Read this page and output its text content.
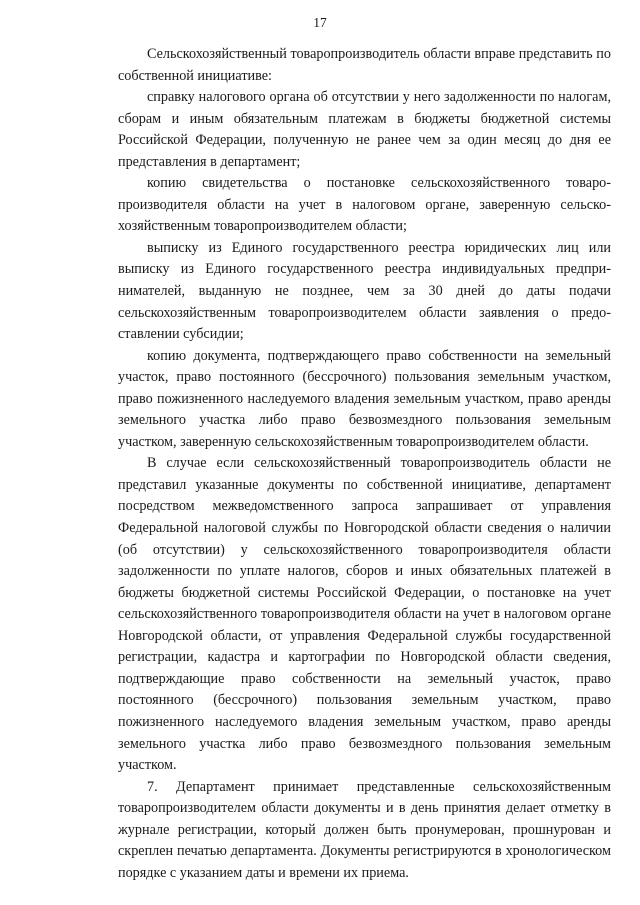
17

Сельскохозяйственный товаропроизводитель области вправе представить по собственной инициативе:

справку налогового органа об отсутствии у него задолженности по налогам, сборам и иным обязательным платежам в бюджеты бюджетной системы Российской Федерации, полученную не ранее чем за один месяц до дня ее представления в департамент;

копию свидетельства о постановке сельскохозяйственного товаропроизводителя области на учет в налоговом органе, заверенную сельскохозяйственным товаропроизводителем области;

выписку из Единого государственного реестра юридических лиц или выписку из Единого государственного реестра индивидуальных предпринимателей, выданную не позднее, чем за 30 дней до даты подачи сельскохозяйственным товаропроизводителем области заявления о предоставлении субсидии;

копию документа, подтверждающего право собственности на земельный участок, право постоянного (бессрочного) пользования земельным участком, право пожизненного наследуемого владения земельным участком, право аренды земельного участка либо право безвозмездного пользования земельным участком, заверенную сельскохозяйственным товаропроизводителем области.

В случае если сельскохозяйственный товаропроизводитель области не представил указанные документы по собственной инициативе, департамент посредством межведомственного запроса запрашивает от управления Федеральной налоговой службы по Новгородской области сведения о наличии (об отсутствии) у сельскохозяйственного товаропроизводителя области задолженности по уплате налогов, сборов и иных обязательных платежей в бюджеты бюджетной системы Российской Федерации, о постановке на учет сельскохозяйственного товаропроизводителя области на учет в налоговом органе Новгородской области, от управления Федеральной службы государственной регистрации, кадастра и картографии по Новгородской области сведения, подтверждающие право собственности на земельный участок, право постоянного (бессрочного) пользования земельным участком, право пожизненного наследуемого владения земельным участком, право аренды земельного участка либо право безвозмездного пользования земельным участком.

7. Департамент принимает представленные сельскохозяйственным товаропроизводителем области документы и в день принятия делает отметку в журнале регистрации, который должен быть пронумерован, прошнурован и скреплен печатью департамента. Документы регистрируются в хронологическом порядке с указанием даты и времени их приема.
